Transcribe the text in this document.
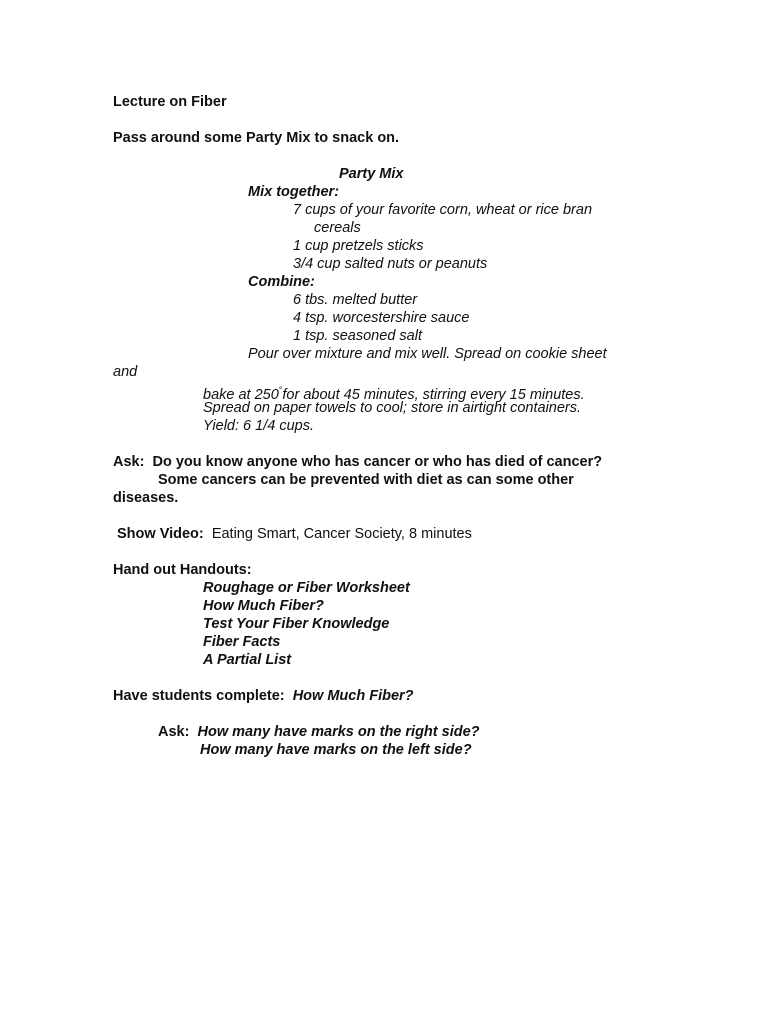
Lecture on Fiber
Pass around some Party Mix to snack on.
Party Mix
Mix together:
7 cups of your favorite corn, wheat or rice bran
cereals
1 cup pretzels sticks
3/4 cup salted nuts or peanuts
Combine:
6 tbs. melted butter
4 tsp. worcestershire sauce
1 tsp. seasoned salt
Pour over mixture and mix well. Spread on cookie sheet
and
bake at 250°for about 45 minutes, stirring every 15 minutes.
Spread on paper towels to cool; store in airtight containers.
Yield: 6 1/4 cups.
Ask: Do you know anyone who has cancer or who has died of cancer?
Some cancers can be prevented with diet as can some other
diseases.
Show Video: Eating Smart, Cancer Society, 8 minutes
Hand out Handouts:
Roughage or Fiber Worksheet
How Much Fiber?
Test Your Fiber Knowledge
Fiber Facts
A Partial List
Have students complete: How Much Fiber?
Ask: How many have marks on the right side?
How many have marks on the left side?
